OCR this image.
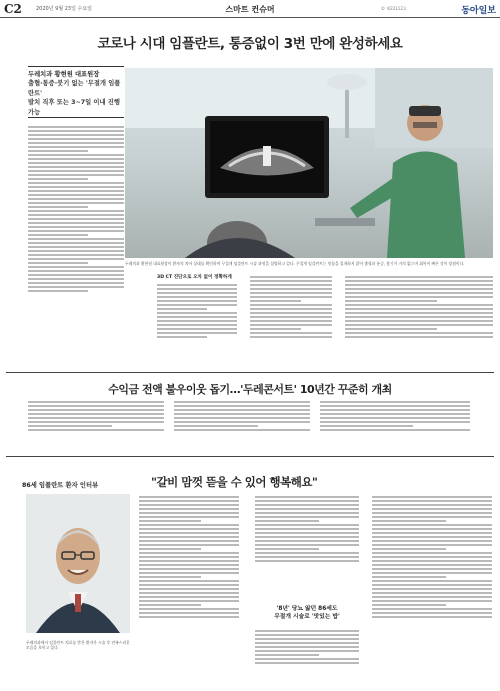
C2	2020년 9월 23일 수요일	스마트 컨슈머	© 제22112호	동아일보
코로나 시대 임플란트, 통증없이 3번 만에 완성하세요
두레치과 황현원 대표원장
출혈·통증·붓기 없는 '무절개 임플란트'
발치 직후 또는 3~7일 이내 진행 가능
두레치과 황현원 대표원장이 환자의 치아 상태를 확인하며 무절개 임플란트 시술 과정을 설명하고 있다. 무절개 임플란트는 잇몸을 절개하지 않아 출혈과 통증, 붓기가 거의 없으며 회복이 빠른 것이 장점이다.
3D CT 진단으로 오차 없이 정확하게
수익금 전액 불우이웃 돕기…'두레콘서트' 10년간 꾸준히 개최
86세 임플란트 환자 인터뷰	"갈비 맘껏 뜯을 수 있어 행복해요"
두레치과에서 임플란트 치료를 받은 환자가 시술 후 만족스러운 모습을 보이고 있다.
'8년' 당뇨 앓던 86세도
무절개 시술로 '맛있는 밥'
